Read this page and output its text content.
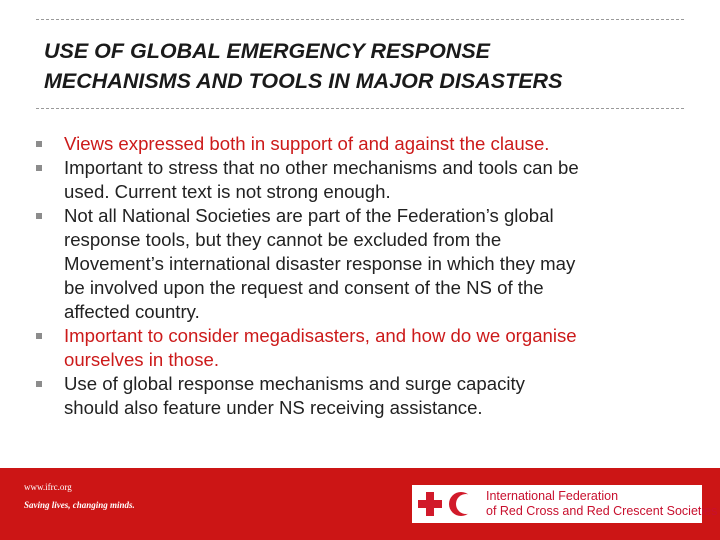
USE OF GLOBAL EMERGENCY RESPONSE
MECHANISMS AND TOOLS IN MAJOR DISASTERS
Views expressed both in support of and against the clause.
Important to stress that no other mechanisms and tools can be
used. Current text is not strong enough.
Not all National Societies are part of the Federation’s global
response tools, but they cannot be excluded from the
Movement’s international disaster response in which they may
be involved upon the request and consent of the NS of the
affected country.
Important to consider megadisasters, and how do we organise
ourselves in those.
Use of global response mechanisms and surge capacity
should also feature under NS receiving assistance.
www.ifrc.org
Saving lives, changing minds.
International Federation
of Red Cross and Red Crescent Societies
